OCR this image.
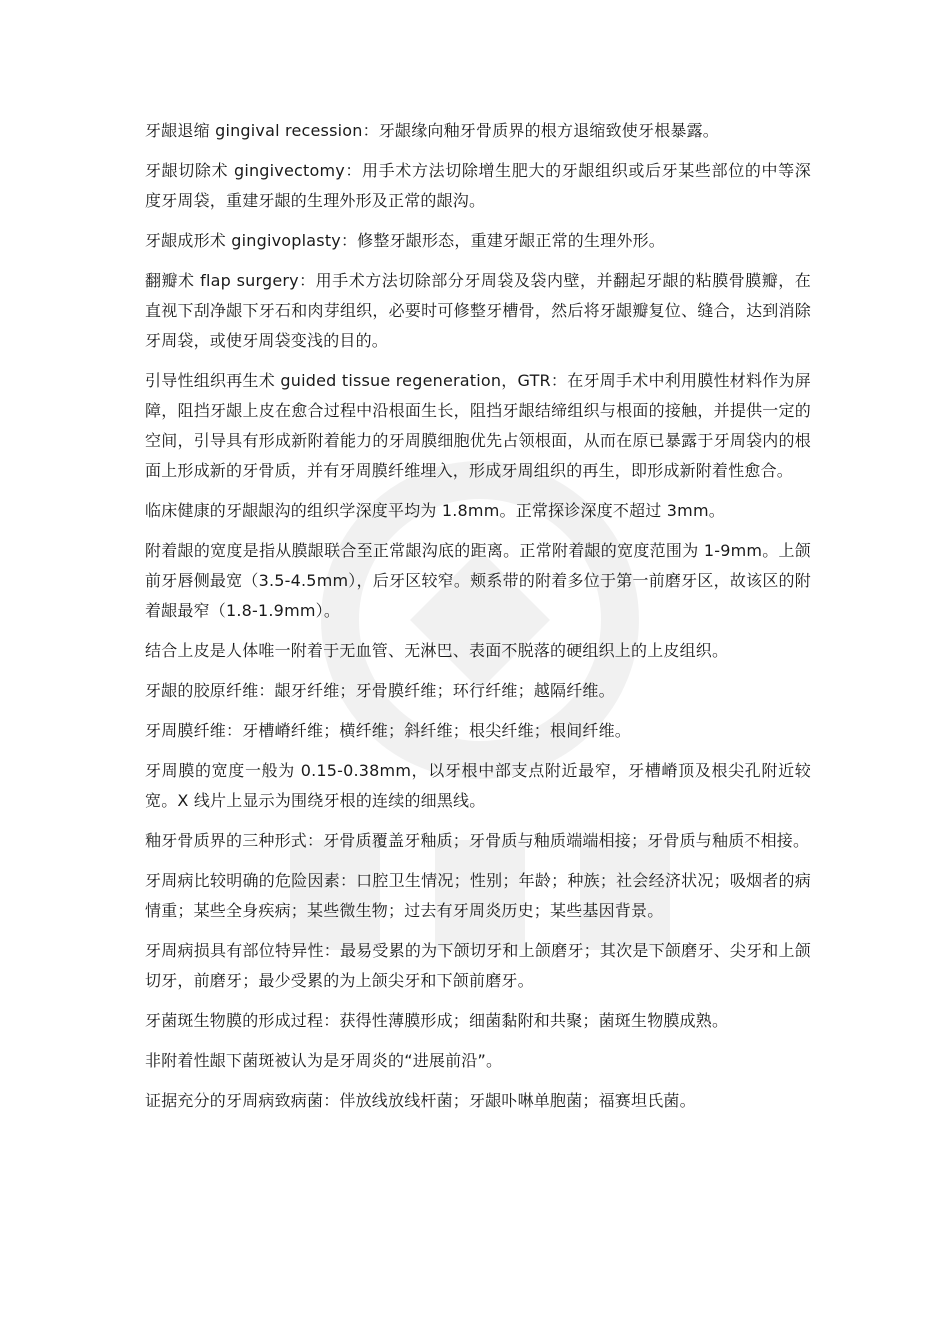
牙龈退缩 gingival recession：牙龈缘向釉牙骨质界的根方退缩致使牙根暴露。

牙龈切除术 gingivectomy：用手术方法切除增生肥大的牙龈组织或后牙某些部位的中等深度牙周袋，重建牙龈的生理外形及正常的龈沟。

牙龈成形术 gingivoplasty：修整牙龈形态，重建牙龈正常的生理外形。

翻瓣术 flap surgery：用手术方法切除部分牙周袋及袋内壁，并翻起牙龈的粘膜骨膜瓣，在直视下刮净龈下牙石和肉芽组织，必要时可修整牙槽骨，然后将牙龈瓣复位、缝合，达到消除牙周袋，或使牙周袋变浅的目的。

引导性组织再生术 guided tissue regeneration，GTR：在牙周手术中利用膜性材料作为屏障，阻挡牙龈上皮在愈合过程中沿根面生长，阻挡牙龈结缔组织与根面的接触，并提供一定的空间，引导具有形成新附着能力的牙周膜细胞优先占领根面，从而在原已暴露于牙周袋内的根面上形成新的牙骨质，并有牙周膜纤维埋入，形成牙周组织的再生，即形成新附着性愈合。

临床健康的牙龈龈沟的组织学深度平均为 1.8mm。正常探诊深度不超过 3mm。

附着龈的宽度是指从膜龈联合至正常龈沟底的距离。正常附着龈的宽度范围为 1-9mm。上颌前牙唇侧最宽（3.5-4.5mm），后牙区较窄。颊系带的附着多位于第一前磨牙区，故该区的附着龈最窄（1.8-1.9mm）。

结合上皮是人体唯一附着于无血管、无淋巴、表面不脱落的硬组织上的上皮组织。

牙龈的胶原纤维：龈牙纤维；牙骨膜纤维；环行纤维；越隔纤维。

牙周膜纤维：牙槽嵴纤维；横纤维；斜纤维；根尖纤维；根间纤维。

牙周膜的宽度一般为 0.15-0.38mm，以牙根中部支点附近最窄，牙槽嵴顶及根尖孔附近较宽。X 线片上显示为围绕牙根的连续的细黑线。

釉牙骨质界的三种形式：牙骨质覆盖牙釉质；牙骨质与釉质端端相接；牙骨质与釉质不相接。

牙周病比较明确的危险因素：口腔卫生情况；性别；年龄；种族；社会经济状况；吸烟者的病情重；某些全身疾病；某些微生物；过去有牙周炎历史；某些基因背景。

牙周病损具有部位特异性：最易受累的为下颌切牙和上颌磨牙；其次是下颌磨牙、尖牙和上颌切牙，前磨牙；最少受累的为上颌尖牙和下颌前磨牙。

牙菌斑生物膜的形成过程：获得性薄膜形成；细菌黏附和共聚；菌斑生物膜成熟。

非附着性龈下菌斑被认为是牙周炎的“进展前沿”。

证据充分的牙周病致病菌：伴放线放线杆菌；牙龈卟啉单胞菌；福赛坦氏菌。
